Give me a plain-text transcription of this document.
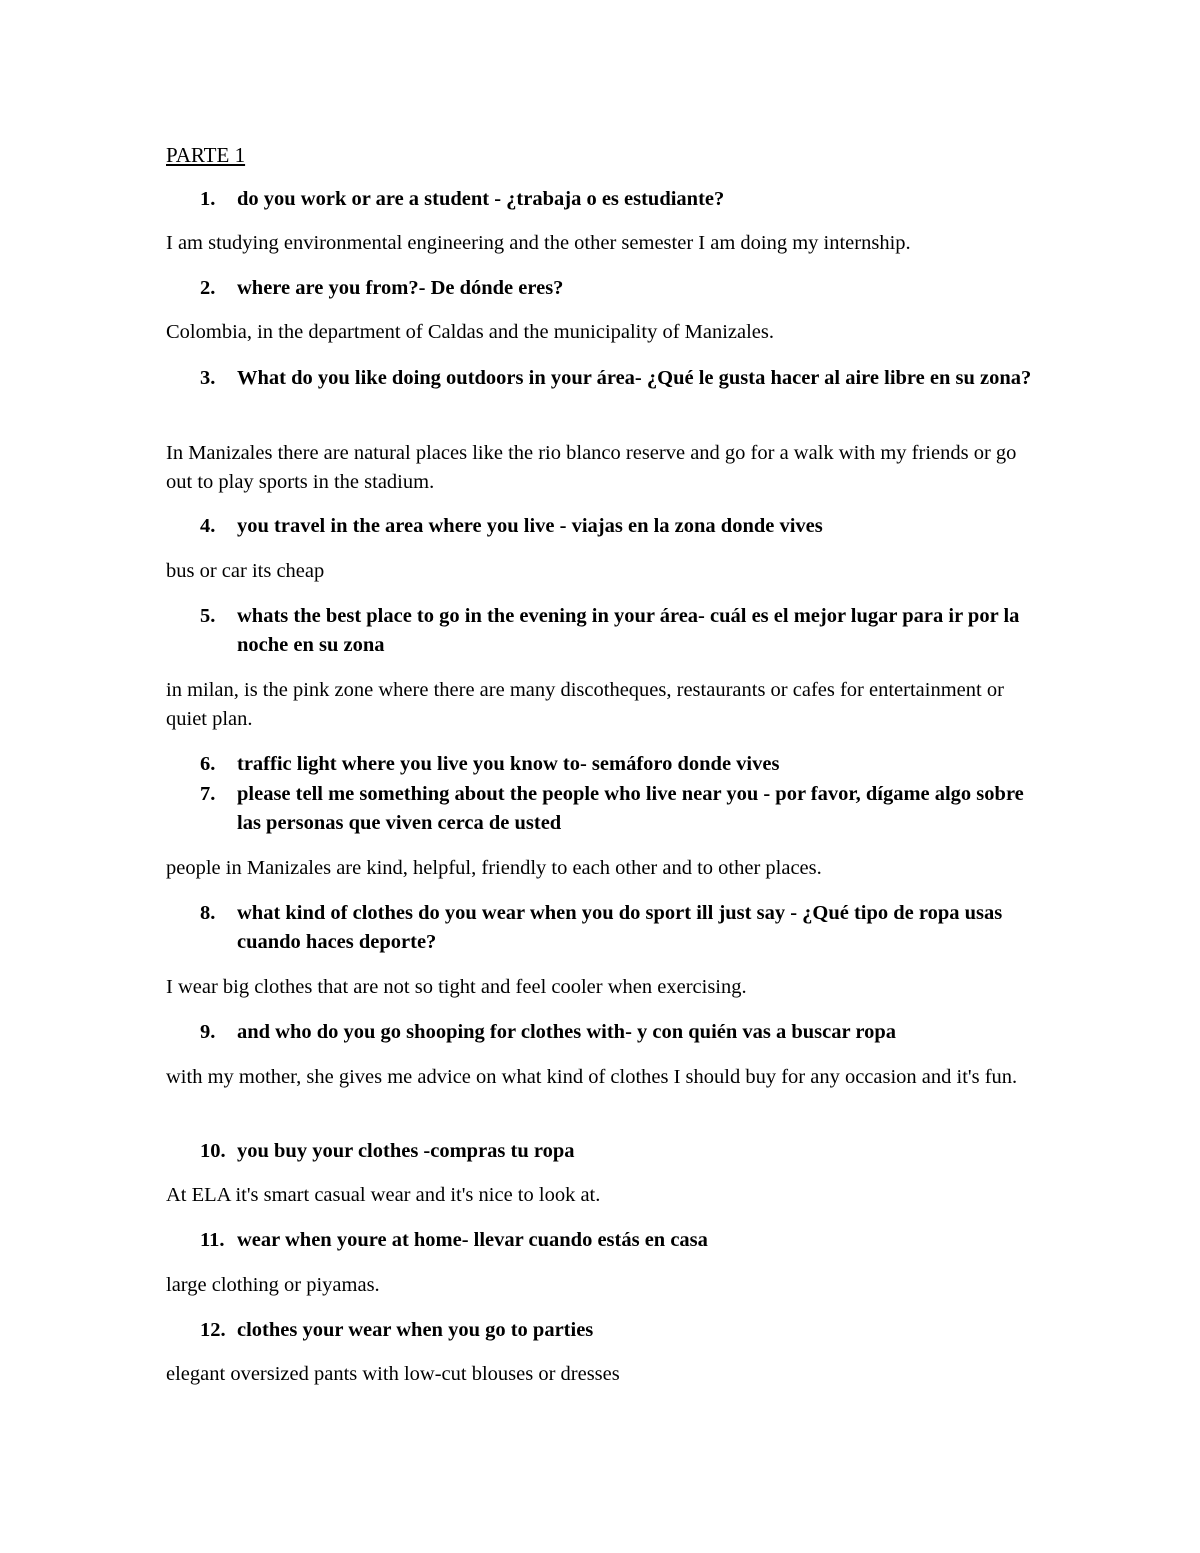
PARTE 1
1.	do you work or are a student - ¿trabaja o es estudiante?
I am studying environmental engineering and the other semester I am doing my internship.
2.	where are you from?- De dónde eres?
Colombia, in the department of Caldas and the municipality of Manizales.
3.	What do you like doing outdoors in your área- ¿Qué le gusta hacer al aire libre en su zona?
In Manizales there are natural places like the rio blanco reserve and go for a walk with my friends or go out to play sports in the stadium.
4.	you travel in the area where you live - viajas en la zona donde vives
bus or car its cheap
5.	whats the best place to go in the evening in your área- cuál es el mejor lugar para ir por la noche en su zona
in milan, is the pink zone where there are many discotheques, restaurants or cafes for entertainment or quiet plan.
6.	traffic light where you live you know to- semáforo donde vives
7.	please tell me something about the people who live near you - por favor, dígame algo sobre las personas que viven cerca de usted
people in Manizales are kind, helpful, friendly to each other and to other places.
8.	what kind of clothes do you wear when you do sport ill just say - ¿Qué tipo de ropa usas cuando haces deporte?
I wear big clothes that are not so tight and feel cooler when exercising.
9.	and who do you go shooping for clothes with- y con quién vas a buscar ropa
with my mother, she gives me advice on what kind of clothes I should buy for any occasion and it's fun.
10. you buy your clothes -compras tu ropa
At ELA it's smart casual wear and it's nice to look at.
11. wear when youre at home- llevar cuando estás en casa
large clothing or piyamas.
12. clothes your wear when you go to parties
elegant oversized pants with low-cut blouses or dresses
